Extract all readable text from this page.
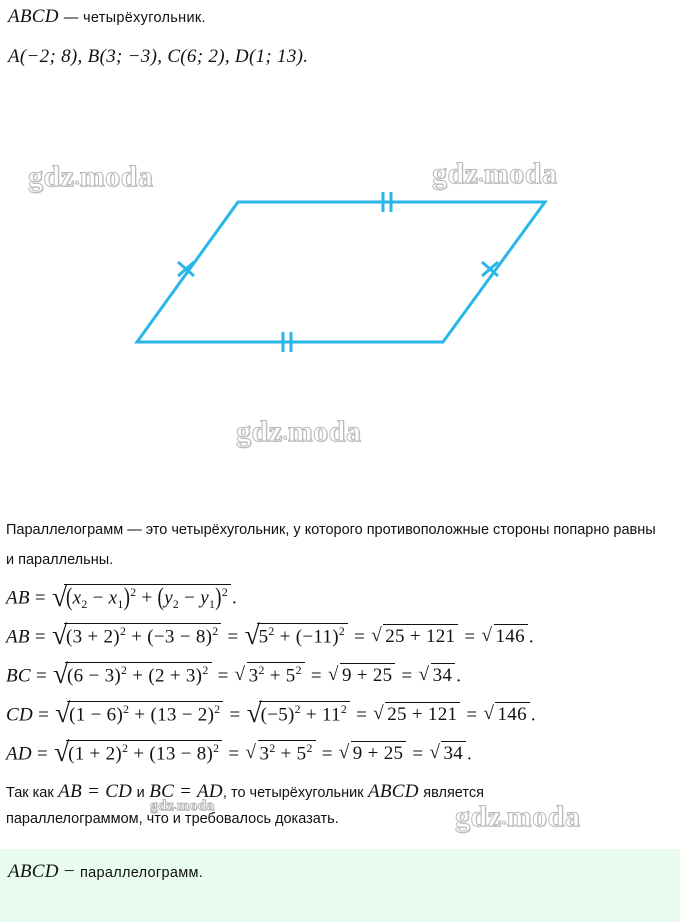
ABCD — четырёхугольник.
A(−2; 8), B(3; −3), C(6; 2), D(1; 13).
gdz.moda	gdz.moda
gdz.moda
gdz.moda	gdz.moda
Параллелограмм — это четырёхугольник, у которого противоположные стороны попарно равны и параллельны.
AB = √
$(x_2 - x_1)^2 + (y_2 - y_1)^2$ .
AB = √
$(3 + 2)^2 + (-3 - 8)^2$ = √
$5^2 + (-11)^2$ = √ 25 + 121 = √ 146 .
BC = √
$(6 - 3)^2 + (2 + 3)^2$ = √ $3^2 + 5^2$ = √ 9 + 25 = √ 34 .
CD = √
$(1 - 6)^2 + (13 - 2)^2$ = √
$(-5)^2 + 11^2$ = √ 25 + 121 = √ 146 .
AD = √
$(1 + 2)^2 + (13 - 8)^2$ = √ $3^2 + 5^2$ = √ 9 + 25 = √ 34 .
Так как AB = CD и BC = AD, то четырёхугольник ABCD является
параллелограммом, что и требовалось доказать.
ABCD − параллелограмм.
